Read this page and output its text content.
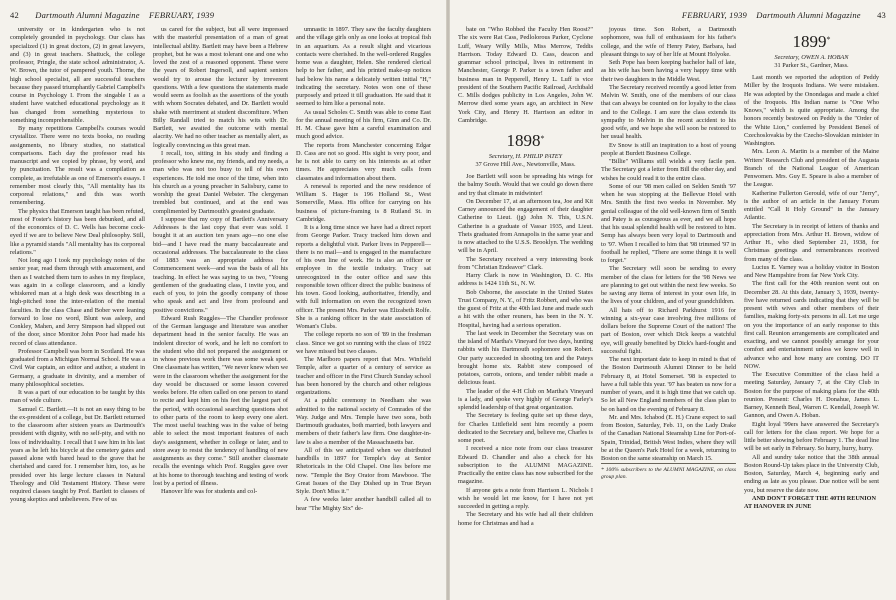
42 Dartmouth Alumni Magazine FEBRUARY, 1939

university or in kindergarten who is not completely grounded in psychology. Our class has specialized (1) in great doctors, (2) in great lawyers, and (3) in great teachers. Shattuck, the college professor, Pringle, the state school administrator, A. W. Brown, the tutor of pampered youth. Thorne, the high school specialist, all are successful teachers because they passed triumphantly Gabriel Campbell's course in Psychology I. From the singable I as a student have watched educational psychology as it has changed from something mysterious to something incomprehensible.

By many repetitions Campbell's courses would crystallize. There were no texts books, no reading assignments, no library studies, no statistical comparisons. Each day the professor read his manuscript and we copied by phrase, by word, and by punctuation. The result was a compilation as complete, as irrefutable as one of Emerson's essays. I remember most clearly this, "All mentality has its corporeal relations," and this was worth remembering.

The physics that Emerson taught has been refuted, most of Foster's history has been debunked, and all of the economics of D. C. Wells has become cock-eyed if we are to believe New Deal philosophy. Still, like a pyramid stands "All mentality has its corporeal relations."

Not long ago I took my psychology notes of the senior year, read them through with amazement, and then as I watched them turn to ashes in my fireplace, was again in a college classroom, and a kindly whiskered man at a high desk was describing in a high-pitched tone the inter-relation of the mental faculties. In the class Chase and Bober were leaning forward to lose no word, Blunt was asleep, and Conkley, Mahen, and Jerry Simpson had slipped out of the door, since Monitor John Poor had made his record of class attendance.

Professor Campbell was born in Scotland. He was graduated from a Michigan Normal School. He was a Civil War captain, an editor and author, a student in Germany, a graduate in divinity, and a member of many philosophical societies.

It was a part of our education to be taught by this man of wide culture.

Samuel C. Bartlett.—It is not an easy thing to be the ex-president of a college, but Dr. Bartlett returned to the classroom after sixteen years as Dartmouth's president with dignity, with no self-pity, and with no loss of individuality. I recall that I saw him in his last years as he left his bicycle at the cemetery gates and passed alone with bared head to the grave that he cherished and cared for. I remember him, too, as he presided over his large lecture classes in Natural Theology and Old Testament History. These were required classes taught by Prof. Bartlett to classes of young skeptics and unbelievers. Few of us

us cared for the subject, but all were impressed with the masterful presentation of a man of great intellectual ability. Bartlett may have been a Hebrew prophet, but he was a most tolerant one and one who loved the zest of a reasoned opponent. These were the years of Robert Ingersoll, and sapient seniors would try to arouse the lecturer by irreverent questions. With a few questions the statements made would seem as foolish as the assertions of the youth with whom Socrates debated, and Dr. Bartlett would shake with merriment at student discomfiture. When Billy Randall tried to match his wits with Dr. Bartlett, we awaited the outcome with mental alacrity. We had no other teacher as mentally alert, as logically convincing as this great man.

I recall, too, sitting in his study and finding a professor who knew me, my friends, and my needs, a man who was not too busy to tell of his own experiences. He told me once of the time, when into his church as a young preacher in Salisbury, came to worship the great Daniel Webster. The clergyman trembled but continued, and at the end was complimented by Dartmouth's greatest graduate.

I suppose that my copy of Bartlett's Anniversary Addresses is the last copy that ever was sold. I bought it at an auction ten years ago—no one else bid—and I have read the many baccalaureate and occasional addresses. The baccalaureate to the class of 1883 was an appropriate address for Commencement week—and was the basis of all his teaching. In effect he was saying to us two, "Young gentlemen of the graduating class, I invite you, and each of you, to join the goodly company of those who speak and act and live from profound and positive convictions."

Edward Rush Ruggles—The Chandler professor of the German language and literature was another department head in the senior faculty. He was an indolent director of work, and he left no comfort to the student who did not prepared the assignment or in whose previous work there was some weak spot. One classmate has written, "We never knew when we were in the classroom whether the assignment for the day would be discussed or some lesson covered weeks before. He often called on one person to stand to recite and kept him on his feet the largest part of the period, with occasional searching questions shot to other parts of the room to keep every one alert. The most useful teaching was in the value of being able to select the most important features of each day's assignment, whether in college or later, and to store away to resist the tendency of handling of new assignments as they come." Still another classmate recalls the evenings which Prof. Ruggles gave over at his home to thorough teaching and testing of work lost by a period of illness.

Hanover life was for students and col-

umnastic in 1897. They saw the faculty daughters and the village girls only as one looks at tropical fish in an aquarium. As a result slight and vicarious contacts were cherished. In the well-ordered Ruggles home was a daughter, Helen. She rendered clerical help to her father, and his printed make-up notices had below his name a delicately written initial "H," indicating the secretary. Notes won one of these purposely and prized it till graduation. He said that it seemed to him like a personal note.

As usual Scholes C. Smith was able to come East for the annual meeting of his firm, Ginn and Co. Dr. H. M. Chase gave him a careful examination and much good advice.

The reports from Manchester concerning Edgar D. Cass are not so good. His sight is very poor, and he is not able to carry on his interests as at other times. He appreciates very much calls from classmates and information about them.

A renewal is reported and the new residence of William S. Hager is 196 Holland St., West Somerville, Mass. His office for carrying on his business of picture-framing is 8 Rutland St. in Cambridge.

It is a long time since we have had a direct report from George Parker. Tracy tracked him down and reports a delightful visit. Parker lives in Pepperell—there is no mail—and is engaged in the manufacture of his own line of work. He is also an officer or employee in the textile industry. Tracy sat unrecognized in the outer office and saw this responsible town officer direct the public business of his town. Good looking, authoritative, friendly, and with full information on even the recognized town officer. The present Mrs. Parker was Elizabeth Rolfe. She is a ranking officer in the state association of Woman's Clubs.

The college reports no son of '89 in the freshman class. Since we got so running with the class of 1922 we have missed but two classes.

The Marlboro papers report that Mrs. Winfield Temple, after a quarter of a century of service as teacher and officer in the First Church Sunday school has been honored by the church and other religious organizations.

At a public ceremony in Needham she was admitted to the national society of Comrades of the Way. Judge and Mrs. Temple have two sons, both Dartmouth graduates, both married, both lawyers and members of their father's law firm. One daughter-in-law is also a member of the Massachusetts bar.

All of this we anticipated when we distributed handbills in 1897 for Temple's day at Senior Rhetoricals in the Old Chapel. One lies before me now. "Temple the Boy Orator from Mawbooe. The Great Issues of the Day Dished up in True Bryan Style. Don't Miss it."

A few weeks later another handbill called all to hear "The Mighty Six" de-

FEBRUARY, 1939 Dartmouth Alumni Magazine 43

bate on "Who Robbed the Faculty Hen Roost?" The six were Rat Cass, Pedlolorous Parker, Cyclone Luff, Weary Willy Mills, Miss Merrow, Teddis Harrison. Today Edward D. Cass, deacon and grammar school principal, lives in retirement in Manchester, George P. Parker is a town father and business man in Pepperell, Henry L. Luff is vice president of the Southern Pacific Railroad, Archibald C. Mills dodges publicity in Los Angeles, John W. Merrow died some years ago, an architect in New York City, and Henry H. Harrison an editor in Cambridge.

1898*
Secretary, H. PHILIP PATEY
37 Grove Hill Ave., Newtonville, Mass.

Joe Bartlett will soon be spreading his wings for the balmy South. Would that we could go down there and try that climate in midwinter!

On December 17, at an afternoon tea, Joe and Kit Carney announced the engagement of their daughter Catherine to Lieut. (jg) John N. This, U.S.N. Catherine is a graduate of Vassar 1935, and Lieut. Theis graduated from Annapolis in the same year and is now attached to the U.S.S. Brooklyn. The wedding will be in April.

The Secretary received a very interesting book from "Christian Endeavor" Clark.

Harry Clark is now in Washington, D. C. His address is 1424 11th St., N. W.

Bob Osborne, the associate in the United States Trust Company, N. Y., of Fritz Robbert, and who was the guest of Fritz at the 40th last June and made such a hit with the other reuners, has been in the N. Y. Hospital, having had a serious operation.

The last week in December the Secretary was on the island of Martha's Vineyard for two days, hunting rabbits with his Dartmouth sophomore son Robert. Our party succeeded in shooting ten and the Pateys brought home six. Rabbit stew composed of potatoes, carrots, onions, and tender rabbit made a delicious feast.

The leader of the 4-H Club on Martha's Vineyard is a lady, and spoke very highly of George Farley's splendid leadership of that great organization.

The Secretary is feeling quite set up these days, for Charles Littlefield sent him recently a poem dedicated to the Secretary and, believe me, Charles is some poet.

I received a nice note from our class treasurer Edward D. Chandler and also a check for his subscription to the ALUMNI MAGAZINE. Practically the entire class has now subscribed for the magazine.

If anyone gets a note from Harrison L. Nichols I wish he would let me know, for I have not yet succeeded in getting a reply.

The Secretary and his wife had all their children home for Christmas and had a

joyous time. Son Robert, a Dartmouth sophomore, was full of enthusiasm for his father's college, and the wife of Henry Patey, Barbara, had pleasant things to say of her life at Mount Holyoke.

Seth Pope has been keeping bachelor hall of late, as his wife has been having a very happy time with their two daughters in the Middle West.

The Secretary received recently a good letter from Melvin W. Smith, one of the members of our class that can always be counted on for loyalty to the class and to the College. I am sure the class extends its sympathy to Melvin in the recent accident to his good wife, and we hope she will soon be restored to her usual health.

Ev Snow is still an inspiration to a host of young people at Burdett Business College.

"Billie" Williams still wields a very facile pen. The Secretary got a letter from Bill the other day, and wishes he could read it to the entire class.

Some of our '98 men called on Selden Smith '97 when he was stopping at the Bellevue Hotel with Mrs. Smith the first two weeks in November. My genial colleague of the old well-known firm of Smith and Patey is as courageous as ever, and we all hope that his usual splendid health will be restored to him. Semp has always been very loyal to Dartmouth and to '97. When I recalled to him that '98 trimmed '97 in football he replied, "There are some things it is well to forget."

The Secretary will soon be sending to every member of the class for letters for the '98 News we are planning to get out within the next few weeks. So be saving any items of interest in your own life, in the lives of your children, and of your grandchildren.

All hats off to Richard Parkhurst 1916 for winning a six-year case involving five millions of dollars before the Supreme Court of the nation! The part of Boston, over which Dick keeps a watchful eye, will greatly benefited by Dick's hard-fought and successful fight.

The next important date to keep in mind is that of the Boston Dartmouth Alumni Dinner to be held February 8, at Hotel Somerset. '98 is expected to have a full table this year. '97 has beaten us now for a number of years, and it is high time that we catch up. So let all New England members of the class plan to be on hand on the evening of February 8.

Mr. and Mrs. Ichabod (E. H.) Crane expect to sail from Boston, Saturday, Feb. 11, on the Lady Drake of the Canadian National Steamship Line for Port-of-Spain, Trinidad, British West Indies, where they will be at the Queen's Park Hotel for a week, returning to Boston on the same steamship on March 15.

* 100% subscribers to the ALUMNI MAGAZINE, on class group plan.

1899*
Secretary, OWEN A. HOBAN
31 Parker St., Gardner, Mass.

Last month we reported the adoption of Peddy Miller by the Iroquois Indians. We were mistaken. He was adopted by the Onondagas and made a chief of the Iroquois. His Indian name is "One Who Knows," which is quite appropriate. Among the honors recently bestowed on Peddy is the "Order of the White Lion," conferred by President Beneš of Czechoslovakia by the Czecho-Slovakian minister in Washington.

Mrs. Leon A. Martin is a member of the Maine Writers' Research Club and president of the Augusta Branch of the National League of American Penwomen. Mrs. Guy E. Speare is also a member of the League.

Katherine Fullerton Gerould, wife of our "Jerry", is the author of an article in the January Forum entitled "Call It Holy Ground" in the January Atlantic.

The Secretary is in receipt of letters of thanks and appreciation from Mrs. Arthur H. Brown, widow of Arthur H., who died September 21, 1938, for Christmas greetings and remembrances received from many of the class.

Lucius E. Varney was a holiday visitor in Boston and New Hampshire from far New York City.

The first call for the 40th reunion went out on December 28. At this date, January 3, 1939, twenty-five have returned cards indicating that they will be present with wives and other members of their families, making forty-six persons in all. Let me urge on you the importance of an early response to this first call. Reunion arrangements are complicated and exacting, and we cannot possibly arrange for your comfort and entertainment unless we know well in advance who and how many are coming. DO IT NOW.

The Executive Committee of the class held a meeting Saturday, January 7, at the City Club in Boston for the purpose of making plans for the 40th reunion. Present: Charles H. Donahue, James L. Barney, Kenneth Beal, Warren C. Kendall, Joseph W. Gannon, and Owen A. Hoban.

Eight loyal '99ers have answered the Secretary's call for letters for the class report. We hope for a little better showing before February 1. The dead line will be set early in February. So hurry, hurry, hurry.

All and sundry take notice that the 38th annual Boston Round-Up takes place in the University Club, Boston, Saturday, March 4, beginning early and ending as late as you please. Due notice will be sent you, but reserve the date now.

AND DON'T FORGET THE 40TH REUNION AT HANOVER IN JUNE
